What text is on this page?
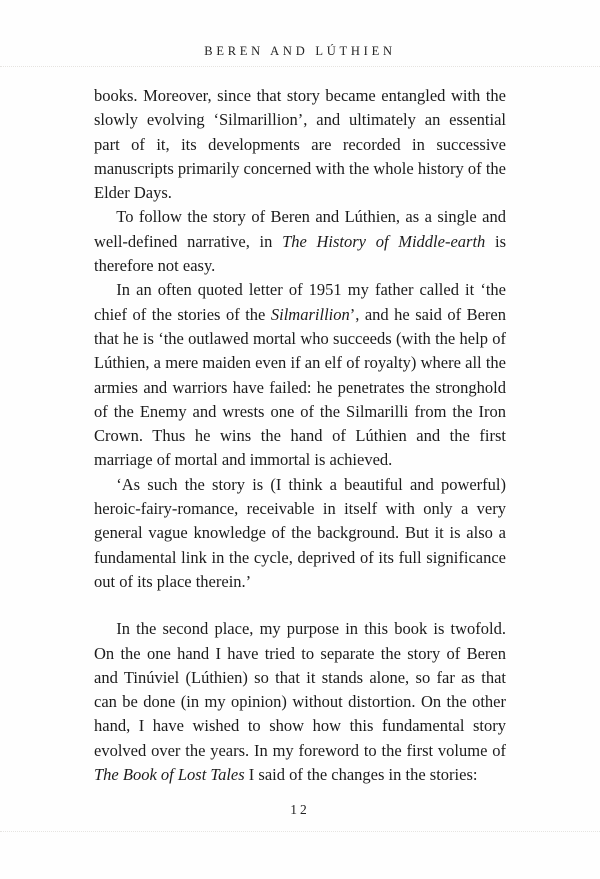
BEREN AND LÚTHIEN

books. Moreover, since that story became entangled with the slowly evolving ‘Silmarillion’, and ultimately an essential part of it, its developments are recorded in successive manuscripts primarily concerned with the whole history of the Elder Days.

To follow the story of Beren and Lúthien, as a single and well-defined narrative, in The History of Middle-earth is therefore not easy.

In an often quoted letter of 1951 my father called it ‘the chief of the stories of the Silmarillion’, and he said of Beren that he is ‘the outlawed mortal who succeeds (with the help of Lúthien, a mere maiden even if an elf of royalty) where all the armies and warriors have failed: he penetrates the stronghold of the Enemy and wrests one of the Silmarilli from the Iron Crown. Thus he wins the hand of Lúthien and the first marriage of mortal and immortal is achieved.

‘As such the story is (I think a beautiful and powerful) heroic-fairy-romance, receivable in itself with only a very general vague knowledge of the background. But it is also a fundamental link in the cycle, deprived of its full significance out of its place therein.’

In the second place, my purpose in this book is twofold. On the one hand I have tried to separate the story of Beren and Tinúviel (Lúthien) so that it stands alone, so far as that can be done (in my opinion) without distortion. On the other hand, I have wished to show how this fundamental story evolved over the years. In my foreword to the first volume of The Book of Lost Tales I said of the changes in the stories:

12
